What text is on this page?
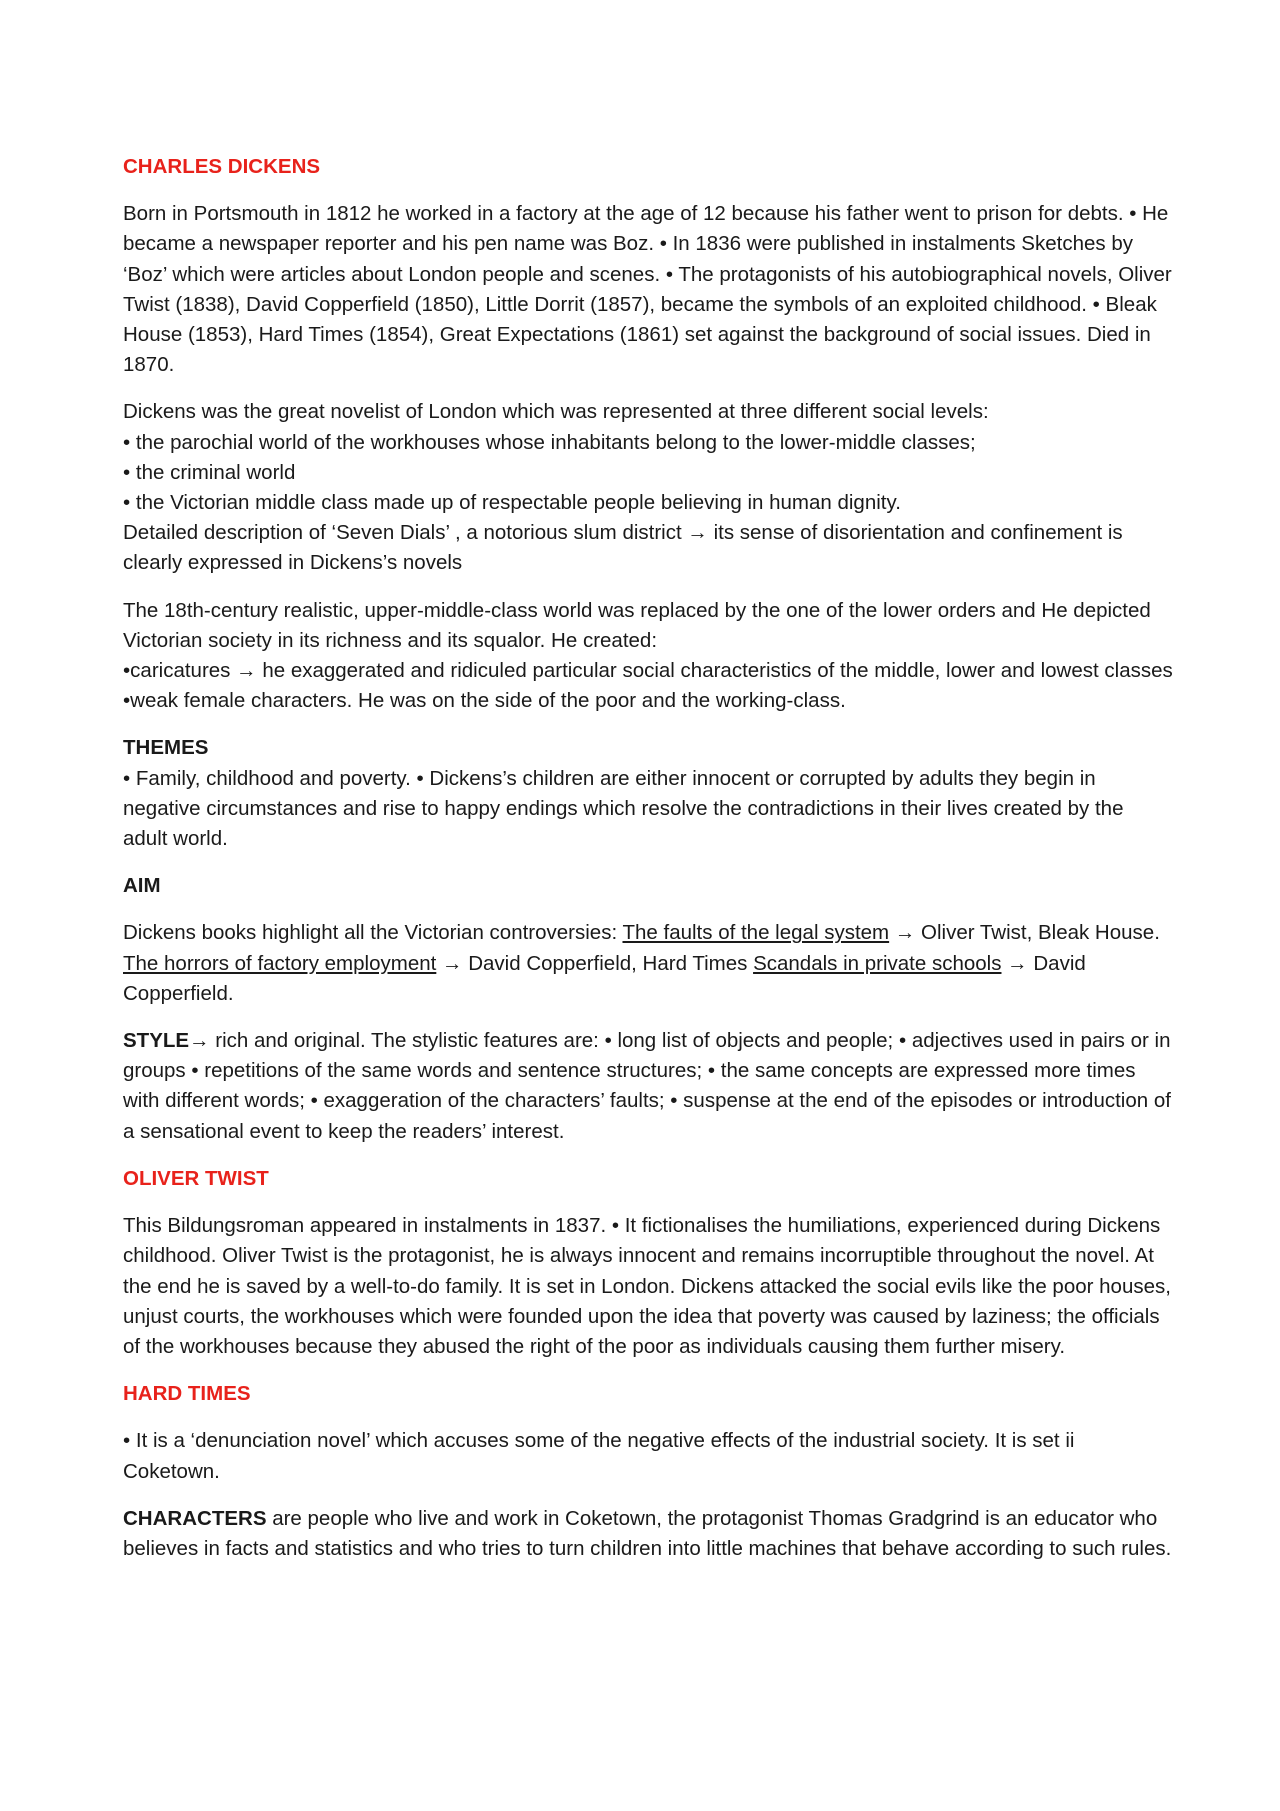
CHARLES DICKENS

Born in Portsmouth in 1812 he worked in a factory at the age of 12 because his father went to prison for debts. • He became a newspaper reporter and his pen name was Boz. • In 1836 were published in instalments Sketches by ‘Boz’ which were articles about London people and scenes. • The protagonists of his autobiographical novels, Oliver Twist (1838), David Copperfield (1850), Little Dorrit (1857), became the symbols of an exploited childhood. • Bleak House (1853), Hard Times (1854), Great Expectations (1861) set against the background of social issues. Died in 1870.

Dickens was the great novelist of London which was represented at three different social levels:
• the parochial world of the workhouses whose inhabitants belong to the lower-middle classes;
• the criminal world
• the Victorian middle class made up of respectable people believing in human dignity.
Detailed description of ‘Seven Dials’ , a notorious slum district → its sense of disorientation and confinement is clearly expressed in Dickens’s novels

The 18th-century realistic, upper-middle-class world was replaced by the one of the lower orders and He depicted Victorian society in its richness and its squalor. He created:
•caricatures → he exaggerated and ridiculed particular social characteristics of the middle, lower and lowest classes
•weak female characters. He was on the side of the poor and the working-class.

THEMES
• Family, childhood and poverty. • Dickens’s children are either innocent or corrupted by adults they begin in negative circumstances and rise to happy endings which resolve the contradictions in their lives created by the adult world.

AIM

Dickens books highlight all the Victorian controversies: The faults of the legal system → Oliver Twist, Bleak House. The horrors of factory employment → David Copperfield, Hard Times Scandals in private schools → David Copperfield.

STYLE→ rich and original. The stylistic features are: • long list of objects and people; • adjectives used in pairs or in groups • repetitions of the same words and sentence structures; • the same concepts are expressed more times with different words; • exaggeration of the characters’ faults; • suspense at the end of the episodes or introduction of a sensational event to keep the readers’ interest.

OLIVER TWIST

This Bildungsroman appeared in instalments in 1837. • It fictionalises the humiliations, experienced during Dickens childhood. Oliver Twist is the protagonist, he is always innocent and remains incorruptible throughout the novel. At the end he is saved by a well-to-do family. It is set in London. Dickens attacked the social evils like the poor houses, unjust courts, the workhouses which were founded upon the idea that poverty was caused by laziness; the officials of the workhouses because they abused the right of the poor as individuals causing them further misery.

HARD TIMES

• It is a ‘denunciation novel’ which accuses some of the negative effects of the industrial society. It is set ii Coketown.

CHARACTERS are people who live and work in Coketown, the protagonist Thomas Gradgrind is an educator who believes in facts and statistics and who tries to turn children into little machines that behave according to such rules.
